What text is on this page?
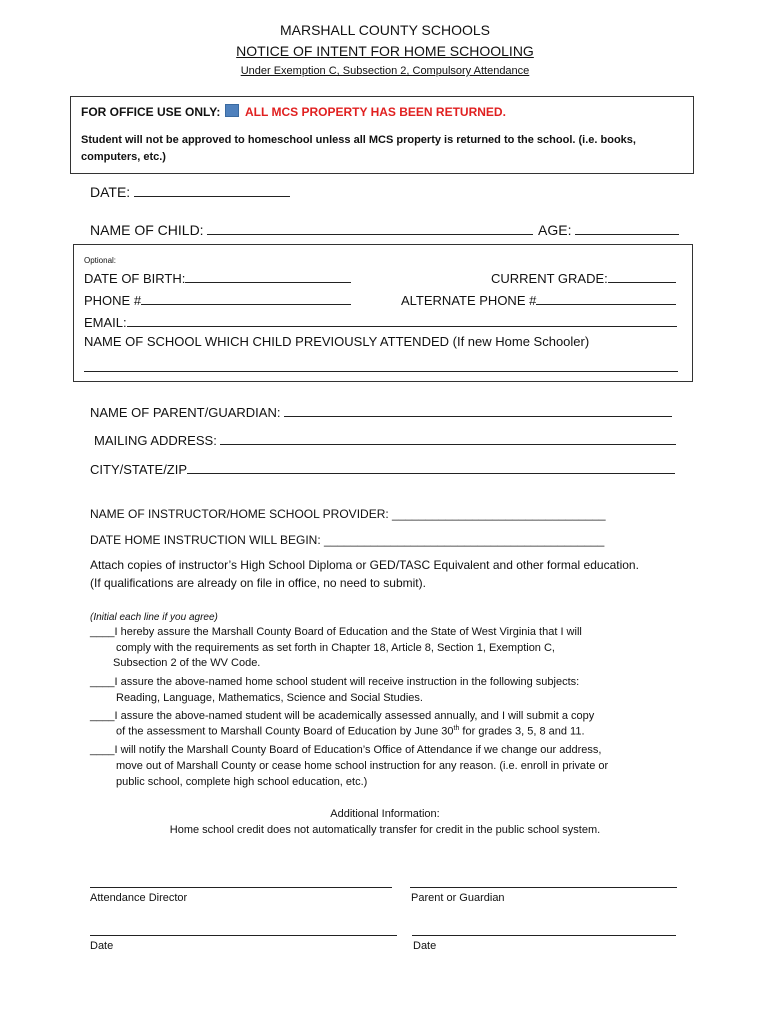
MARSHALL COUNTY SCHOOLS
NOTICE OF INTENT FOR HOME SCHOOLING
Under Exemption C, Subsection 2, Compulsory Attendance
FOR OFFICE USE ONLY:	ALL MCS PROPERTY HAS BEEN RETURNED.
Student will not be approved to homeschool unless all MCS property is returned to the school. (i.e. books,
computers, etc.)
DATE:
NAME OF CHILD:	AGE:
Optional:
DATE OF BIRTH:	CURRENT GRADE:
PHONE #	ALTERNATE PHONE #
EMAIL:
NAME OF SCHOOL WHICH CHILD PREVIOUSLY ATTENDED (If new Home Schooler)
NAME OF PARENT/GUARDIAN:
MAILING ADDRESS:
CITY/STATE/ZIP
NAME OF INSTRUCTOR/HOME SCHOOL PROVIDER: ________________________________
DATE HOME INSTRUCTION WILL BEGIN: __________________________________________
Attach copies of instructor’s High School Diploma or GED/TASC Equivalent and other formal education.
(If qualifications are already on file in office, no need to submit).
(Initial each line if you agree)
____I hereby assure the Marshall County Board of Education and the State of West Virginia that I will
comply with the requirements as set forth in Chapter 18, Article 8, Section 1, Exemption C,
Subsection 2 of the WV Code.
____I assure the above-named home school student will receive instruction in the following subjects:
Reading, Language, Mathematics, Science and Social Studies.
____I assure the above-named student will be academically assessed annually, and I will submit a copy
of the assessment to Marshall County Board of Education by June 30th for grades 3, 5, 8 and 11.
____I will notify the Marshall County Board of Education’s Office of Attendance if we change our address,
move out of Marshall County or cease home school instruction for any reason. (i.e. enroll in private or
public school, complete high school education, etc.)
Additional Information:
Home school credit does not automatically transfer for credit in the public school system.
Attendance Director	Parent or Guardian
Date	Date
